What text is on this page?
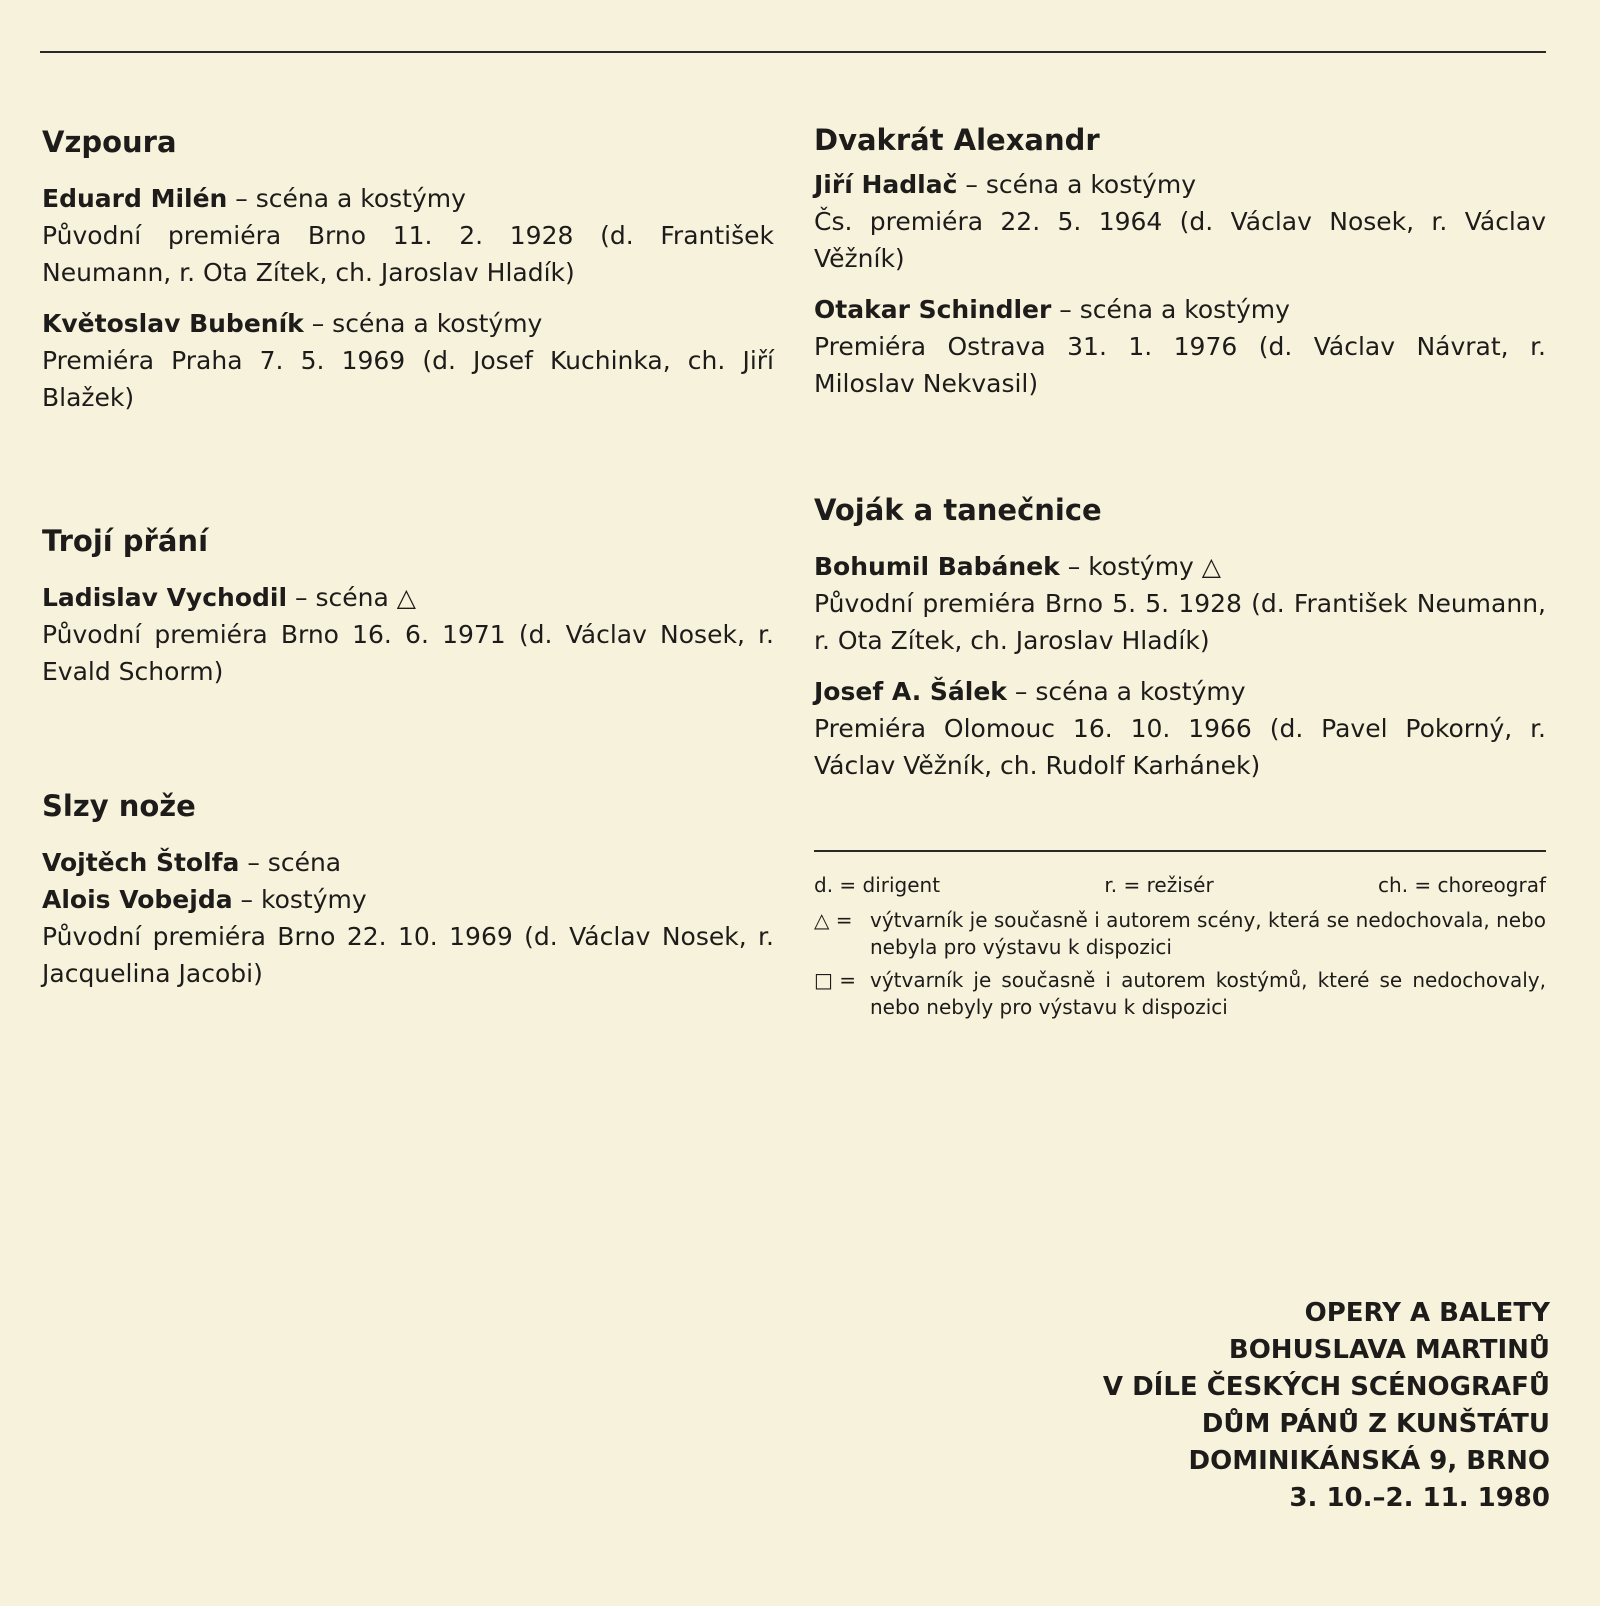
Vzpoura

Eduard Milén – scéna a kostýmy

Původní premiéra Brno 11. 2. 1928 (d. František Neumann, r. Ota Zítek, ch. Jaroslav Hladík)

Květoslav Bubeník – scéna a kostýmy

Premiéra Praha 7. 5. 1969 (d. Josef Kuchinka, ch. Jiří Blažek)

Trojí přání

Ladislav Vychodil – scéna △

Původní premiéra Brno 16. 6. 1971 (d. Václav Nosek, r. Evald Schorm)

Slzy nože

Vojtěch Štolfa – scéna

Alois Vobejda – kostýmy

Původní premiéra Brno 22. 10. 1969 (d. Václav Nosek, r. Jacquelina Jacobi)

Dvakrát Alexandr

Jiří Hadlač – scéna a kostýmy

Čs. premiéra 22. 5. 1964 (d. Václav Nosek, r. Václav Věžník)

Otakar Schindler – scéna a kostýmy

Premiéra Ostrava 31. 1. 1976 (d. Václav Návrat, r. Miloslav Nekvasil)

Voják a tanečnice

Bohumil Babánek – kostýmy △

Původní premiéra Brno 5. 5. 1928 (d. František Neumann, r. Ota Zítek, ch. Jaroslav Hladík)

Josef A. Šálek – scéna a kostýmy

Premiéra Olomouc 16. 10. 1966 (d. Pavel Pokorný, r. Václav Věžník, ch. Rudolf Karhánek)

d. = dirigent	r. = režisér	ch. = choreograf
△ = výtvarník je současně i autorem scény, která se nedochovala, nebo nebyla pro výstavu k dispozici
□ = výtvarník je současně i autorem kostýmů, které se nedochovaly, nebo nebyly pro výstavu k dispozici
OPERY A BALETY
BOHUSLAVA MARTINŮ
V DÍLE ČESKÝCH SCÉNOGRAFŮ
DŮM PÁNŮ Z KUNŠTÁTU
DOMINIKÁNSKÁ 9, BRNO
3. 10.–2. 11. 1980
